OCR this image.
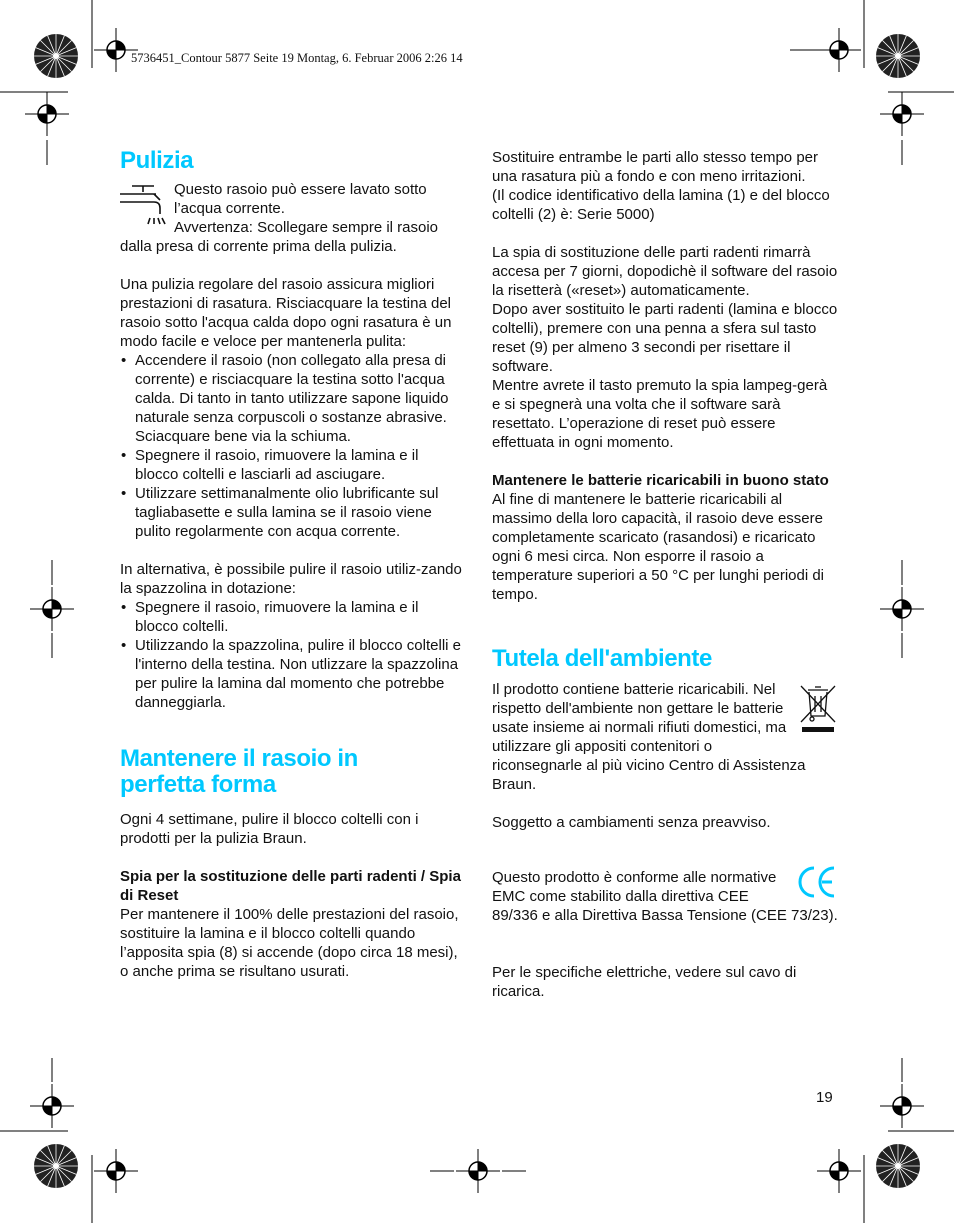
5736451_Contour 5877 Seite 19 Montag, 6. Februar 2006 2:26 14
Pulizia

Questo rasoio può essere lavato sotto l’acqua corrente.

Avvertenza: Scollegare sempre il rasoio dalla presa di corrente prima della pulizia.

Una pulizia regolare del rasoio assicura migliori prestazioni di rasatura. Risciacquare la testina del rasoio sotto l'acqua calda dopo ogni rasatura è un modo facile e veloce per mantenerla pulita:

• Accendere il rasoio (non collegato alla presa di corrente) e risciacquare la testina sotto l'acqua calda. Di tanto in tanto utilizzare sapone liquido naturale senza corpuscoli o sostanze abrasive. Sciacquare bene via la schiuma.
• Spegnere il rasoio, rimuovere la lamina e il blocco coltelli e lasciarli ad asciugare.
• Utilizzare settimanalmente olio lubrificante sul tagliabasette e sulla lamina se il rasoio viene pulito regolarmente con acqua corrente.

In alternativa, è possibile pulire il rasoio utiliz-zando la spazzolina in dotazione:

• Spegnere il rasoio, rimuovere la lamina e il blocco coltelli.
• Utilizzando la spazzolina, pulire il blocco coltelli e l'interno della testina. Non utlizzare la spazzolina per pulire la lamina dal momento che potrebbe danneggiarla.
Mantenere il rasoio in
perfetta forma

Ogni 4 settimane, pulire il blocco coltelli con i prodotti per la pulizia Braun.

Spia per la sostituzione delle parti radenti / Spia di Reset

Per mantenere il 100% delle prestazioni del rasoio, sostituire la lamina e il blocco coltelli quando l’apposita spia (8) si accende (dopo circa 18 mesi), o anche prima se risultano usurati.

Sostituire entrambe le parti allo stesso tempo per una rasatura più a fondo e con meno irritazioni.

(Il codice identificativo della lamina (1) e del blocco coltelli (2) è: Serie 5000)

La spia di sostituzione delle parti radenti rimarrà accesa per 7 giorni, dopodichè il software del rasoio la risetterà («reset») automaticamente.

Dopo aver sostituito le parti radenti (lamina e blocco coltelli), premere con una penna a sfera sul tasto reset (9) per almeno 3 secondi per risettare il software.

Mentre avrete il tasto premuto la spia lampeg-gerà e si spegnerà una volta che il software sarà resettato. L’operazione di reset può essere effettuata in ogni momento.

Mantenere le batterie ricaricabili in buono stato

Al fine di mantenere le batterie ricaricabili al massimo della loro capacità, il rasoio deve essere completamente scaricato (rasandosi) e ricaricato ogni 6 mesi circa. Non esporre il rasoio a temperature superiori a 50 °C per lunghi periodi di tempo.

Tutela dell'ambiente

Il prodotto contiene batterie ricaricabili. Nel rispetto dell'ambiente non gettare le batterie usate insieme ai normali rifiuti domestici, ma utilizzare gli appositi contenitori o riconsegnarle al più vicino Centro di Assistenza Braun.

Soggetto a cambiamenti senza preavviso.

Questo prodotto è conforme alle normative EMC come stabilito dalla direttiva CEE 89/336 e alla Direttiva Bassa Tensione (CEE 73/23).

Per le specifiche elettriche, vedere sul cavo di ricarica.

19
